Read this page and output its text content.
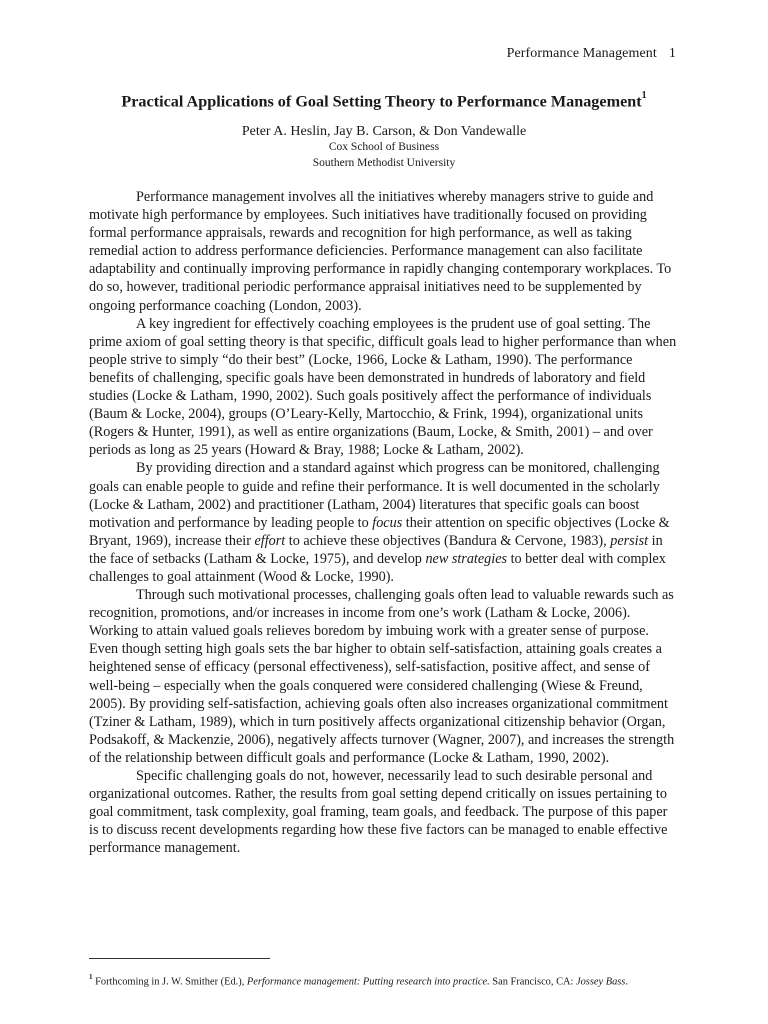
Performance Management 1
Practical Applications of Goal Setting Theory to Performance Management$^1$
Peter A. Heslin, Jay B. Carson, & Don Vandewalle
Cox School of Business
Southern Methodist University

Performance management involves all the initiatives whereby managers strive to guide and motivate high performance by employees. Such initiatives have traditionally focused on providing formal performance appraisals, rewards and recognition for high performance, as well as taking remedial action to address performance deficiencies. Performance management can also facilitate adaptability and continually improving performance in rapidly changing contemporary workplaces. To do so, however, traditional periodic performance appraisal initiatives need to be supplemented by ongoing performance coaching (London, 2003).

A key ingredient for effectively coaching employees is the prudent use of goal setting. The prime axiom of goal setting theory is that specific, difficult goals lead to higher performance than when people strive to simply “do their best” (Locke, 1966, Locke & Latham, 1990). The performance benefits of challenging, specific goals have been demonstrated in hundreds of laboratory and field studies (Locke & Latham, 1990, 2002). Such goals positively affect the performance of individuals (Baum & Locke, 2004), groups (O’Leary-Kelly, Martocchio, & Frink, 1994), organizational units (Rogers & Hunter, 1991), as well as entire organizations (Baum, Locke, & Smith, 2001) – and over periods as long as 25 years (Howard & Bray, 1988; Locke & Latham, 2002).

By providing direction and a standard against which progress can be monitored, challenging goals can enable people to guide and refine their performance. It is well documented in the scholarly (Locke & Latham, 2002) and practitioner (Latham, 2004) literatures that specific goals can boost motivation and performance by leading people to focus their attention on specific objectives (Locke & Bryant, 1969), increase their effort to achieve these objectives (Bandura & Cervone, 1983), persist in the face of setbacks (Latham & Locke, 1975), and develop new strategies to better deal with complex challenges to goal attainment (Wood & Locke, 1990).

Through such motivational processes, challenging goals often lead to valuable rewards such as recognition, promotions, and/or increases in income from one’s work (Latham & Locke, 2006). Working to attain valued goals relieves boredom by imbuing work with a greater sense of purpose. Even though setting high goals sets the bar higher to obtain self-satisfaction, attaining goals creates a heightened sense of efficacy (personal effectiveness), self-satisfaction, positive affect, and sense of well-being – especially when the goals conquered were considered challenging (Wiese & Freund, 2005). By providing self-satisfaction, achieving goals often also increases organizational commitment (Tziner & Latham, 1989), which in turn positively affects organizational citizenship behavior (Organ, Podsakoff, & Mackenzie, 2006), negatively affects turnover (Wagner, 2007), and increases the strength of the relationship between difficult goals and performance (Locke & Latham, 1990, 2002).

Specific challenging goals do not, however, necessarily lead to such desirable personal and organizational outcomes. Rather, the results from goal setting depend critically on issues pertaining to goal commitment, task complexity, goal framing, team goals, and feedback. The purpose of this paper is to discuss recent developments regarding how these five factors can be managed to enable effective performance management.

$^1$ Forthcoming in J. W. Smither (Ed.), Performance management: Putting research into practice. San Francisco, CA: Jossey Bass.
